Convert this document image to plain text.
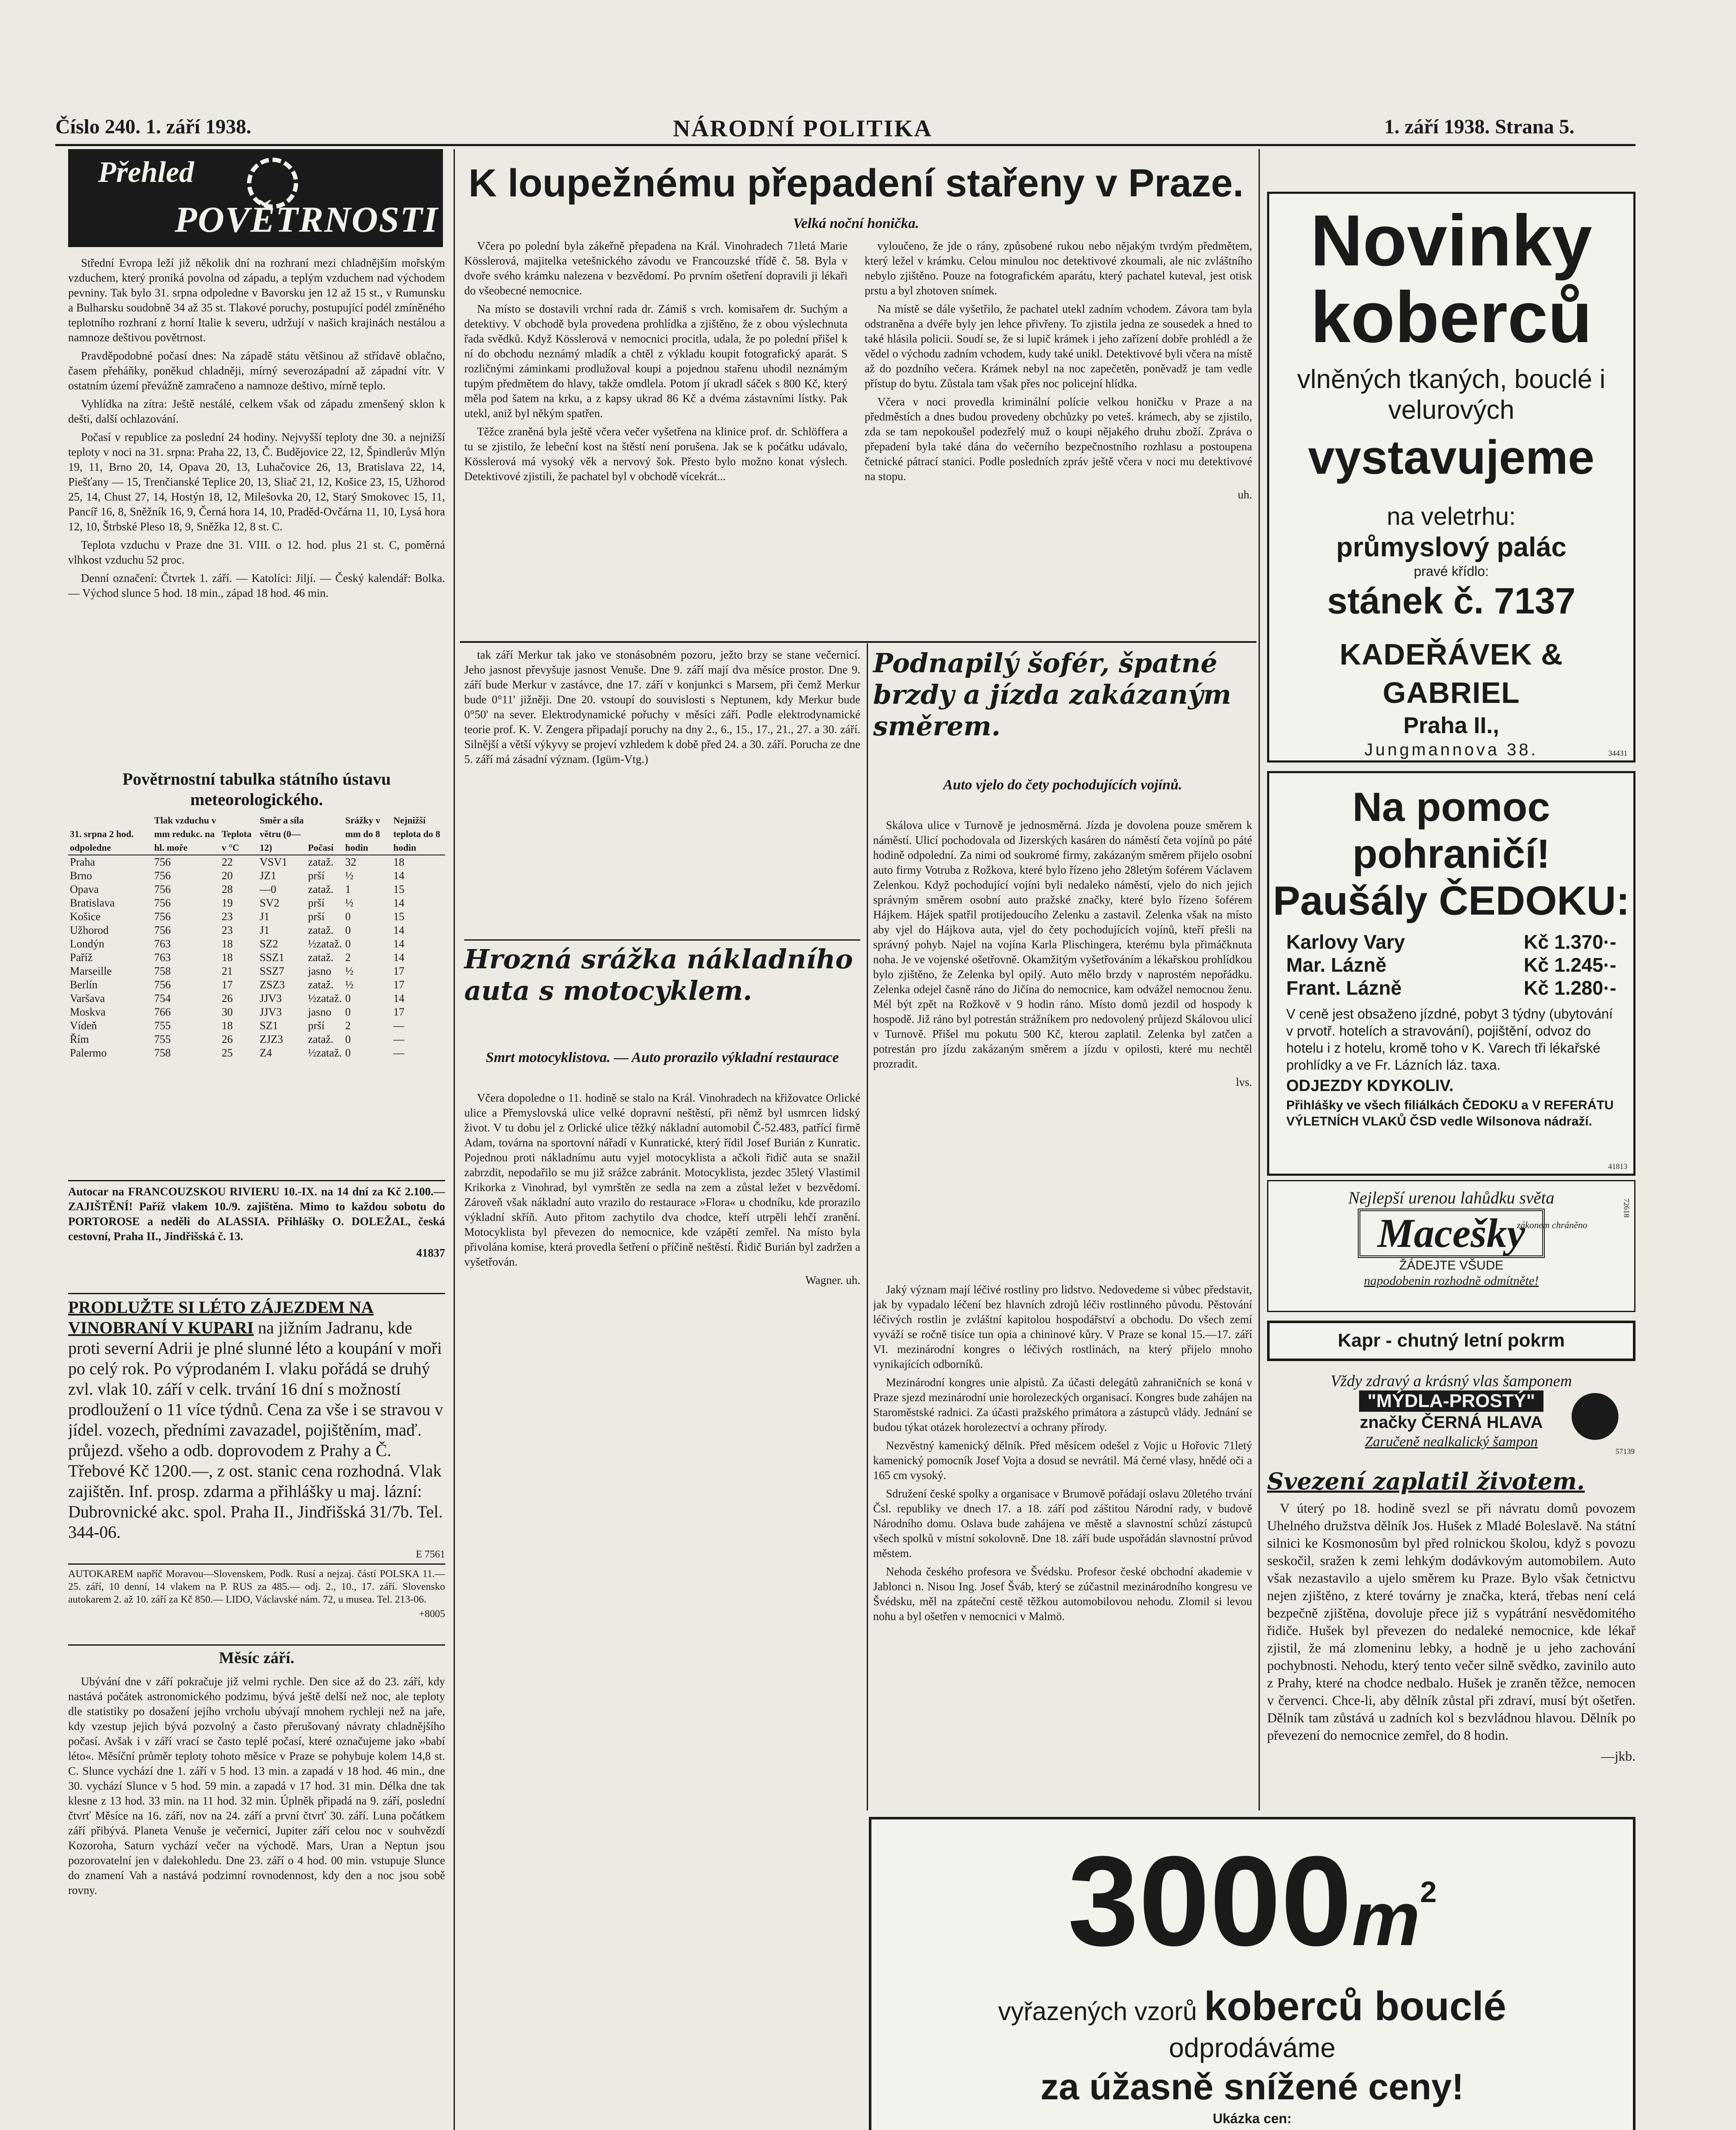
Číslo 240. 1. září 1938.	NÁRODNÍ POLITIKA	1. září 1938. Strana 5.
Přehled
POVĚTRNOSTI

Střední Evropa leží již několik dní na rozhraní mezi chladnějším mořským vzduchem, který proniká povolna od západu, a teplým vzduchem nad východem pevniny. Tak bylo 31. srpna odpoledne v Bavorsku jen 12 až 15 st., v Rumunsku a Bulharsku soudobně 34 až 35 st. Tlakové poruchy, postupující podél zmíněného teplotního rozhraní z horní Italie k severu, udržují v našich krajinách nestálou a namnoze deštivou povětrnost.

Pravděpodobné počasí dnes: Na západě státu většinou až střídavě oblačno, časem přeháňky, poněkud chladněji, mírný severozápadní až západní vítr. V ostatním území převážně zamračeno a namnoze deštivo, mírně teplo.

Vyhlídka na zítra: Ještě nestálé, celkem však od západu zmenšený sklon k dešti, další ochlazování.

Počasí v republice za poslední 24 hodiny. Nejvyšší teploty dne 30. a nejnižší teploty v noci na 31. srpna: Praha 22, 13, Č. Budějovice 22, 12, Špindlerův Mlýn 19, 11, Brno 20, 14, Opava 20, 13, Luhačovice 26, 13, Bratislava 22, 14, Piešťany — 15, Trenčianské Teplice 20, 13, Sliač 21, 12, Košice 23, 15, Užhorod 25, 14, Chust 27, 14, Hostýn 18, 12, Milešovka 20, 12, Starý Smokovec 15, 11, Pancíř 16, 8, Sněžník 16, 9, Černá hora 14, 10, Praděd-Ovčárna 11, 10, Lysá hora 12, 10, Štrbské Pleso 18, 9, Sněžka 12, 8 st. C.

Teplota vzduchu v Praze dne 31. VIII. o 12. hod. plus 21 st. C, poměrná vlhkost vzduchu 52 proc.

Denní označení: Čtvrtek 1. září. — Katolíci: Jiljí. — Český kalendář: Bolka. — Východ slunce 5 hod. 18 min., západ 18 hod. 46 min.

Povětrnostní tabulka státního ústavu meteorologického.
31. srpna 2 hod. odpoledne	Tlak vzduchu v mm redukc. na hl. moře	Teplota v °C	Směr a síla větru (0—12)	Počasí	Srážky v mm do 8 hodin	Nejnižší teplota do 8 hodin
Praha	756	22	VSV1	zataž.	32	18
Brno	756	20	JZ1	prší	½	14
Opava	756	28	—0	zataž.	1	15
Bratislava	756	19	SV2	prší	½	14
Košice	756	23	J1	prší	0	15
Užhorod	756	23	J1	zataž.	0	14
Londýn	763	18	SZ2	½zataž.	0	14
Paříž	763	18	SSZ1	zataž.	2	14
Marseille	758	21	SSZ7	jasno	½	17
Berlín	756	17	ZSZ3	zataž.	½	17
Varšava	754	26	JJV3	½zataž.	0	14
Moskva	766	30	JJV3	jasno	0	17
Vídeň	755	18	SZ1	prší	2	—
Řím	755	26	ZJZ3	zataž.	0	—
Palermo	758	25	Z4	½zataž.	0	—
Autocar na FRANCOUZSKOU RIVIERU 10.-IX. na 14 dní za Kč 2.100.— ZAJIŠTĚNÍ! Paříž vlakem 10./9. zajištěna. Mimo to každou sobotu do PORTOROSE a neděli do ALASSIA. Přihlášky O. DOLEŽAL, česká cestovní, Praha II., Jindřišská č. 13.
41837
PRODLUŽTE SI LÉTO ZÁJEZDEM NA VINOBRANÍ V KUPARI na jižním Jadranu, kde proti severní Adrii je plné slunné léto a koupání v moři po celý rok. Po výprodaném I. vlaku pořádá se druhý zvl. vlak 10. září v celk. trvání 16 dní s možností prodloužení o 11 více týdnů. Cena za vše i se stravou v jídel. vozech, předními zavazadel, pojištěním, maď. průjezd. všeho a odb. doprovodem z Prahy a Č. Třebové Kč 1200.—, z ost. stanic cena rozhodná. Vlak zajištěn. Inf. prosp. zdarma a přihlášky u maj. lázní: Dubrovnické akc. spol. Praha II., Jindřišská 31/7b. Tel. 344-06.
E 7561
AUTOKAREM napříč Moravou—Slovenskem, Podk. Rusí a nejzaj. částí POLSKA 11.—25. září, 10 denní, 14 vlakem na P. RUS za 485.— odj. 2., 10., 17. září. Slovensko autokarem 2. až 10. září za Kč 850.— LIDO, Václavské nám. 72, u musea. Tel. 213-06.
+8005
Měsíc září.

Ubývání dne v září pokračuje již velmi rychle. Den sice až do 23. září, kdy nastává počátek astronomického podzimu, bývá ještě delší než noc, ale teploty dle statistiky po dosažení jejího vrcholu ubývají mnohem rychleji než na jaře, kdy vzestup jejich bývá pozvolný a často přerušovaný návraty chladnějšího počasí. Avšak i v září vrací se často teplé počasí, které označujeme jako »babí léto«. Měsíční průměr teploty tohoto měsíce v Praze se pohybuje kolem 14,8 st. C. Slunce vychází dne 1. září v 5 hod. 13 min. a zapadá v 18 hod. 46 min., dne 30. vychází Slunce v 5 hod. 59 min. a zapadá v 17 hod. 31 min. Délka dne tak klesne z 13 hod. 33 min. na 11 hod. 32 min. Úplněk připadá na 9. září, poslední čtvrť Měsíce na 16. září, nov na 24. září a první čtvrť 30. září. Luna počátkem září přibývá. Planeta Venuše je večernicí, Jupiter září celou noc v souhvězdí Kozoroha, Saturn vychází večer na východě. Mars, Uran a Neptun jsou pozorovatelní jen v dalekohledu. Dne 23. září o 4 hod. 00 min. vstupuje Slunce do znamení Vah a nastává podzimní rovnodennost, kdy den a noc jsou sobě rovny.

K loupežnému přepadení stařeny v Praze.
Velká noční honička.

Včera po polední byla zákeřně přepadena na Král. Vinohradech 71letá Marie Kösslerová, majitelka vetešnického závodu ve Francouzské třídě č. 58. Byla v dvoře svého krámku nalezena v bezvědomí. Po prvním ošetření dopravili ji lékaři do všeobecné nemocnice.

Na místo se dostavili vrchní rada dr. Zámiš s vrch. komisařem dr. Suchým a detektivy. V obchodě byla provedena prohlídka a zjištěno, že z obou výslechnuta řada svědků. Když Kösslerová v nemocnici procitla, udala, že po polední přišel k ní do obchodu neznámý mladík a chtěl z výkladu koupit fotografický aparát. S rozličnými záminkami prodlužoval koupi a pojednou stařenu uhodil neznámým tupým předmětem do hlavy, takže omdlela. Potom jí ukradl sáček s 800 Kč, který měla pod šatem na krku, a z kapsy ukrad 86 Kč a dvéma zástavními lístky. Pak utekl, aniž byl někým spatřen.

Těžce zraněná byla ještě včera večer vyšetřena na klinice prof. dr. Schlöffera a tu se zjistilo, že lebeční kost na štěstí není porušena. Jak se k počátku udávalo, Kösslerová má vysoký věk a nervový šok. Přesto bylo možno konat výslech. Detektivové zjistili, že pachatel byl v obchodě vícekrát...

vyloučeno, že jde o rány, způsobené rukou nebo nějakým tvrdým předmětem, který ležel v krámku. Celou minulou noc detektivové zkoumali, ale nic zvláštního nebylo zjištěno. Pouze na fotografickém aparátu, který pachatel kuteval, jest otisk prstu a byl zhotoven snímek.

Na místě se dále vyšetřilo, že pachatel utekl zadním vchodem. Závora tam byla odstraněna a dvéře byly jen lehce přivřeny. To zjistila jedna ze sousedek a hned to také hlásila policii. Soudí se, že si lupič krámek i jeho zařízení dobře prohlédl a že vědel o východu zadním vchodem, kudy také unikl. Detektivové byli včera na místě až do pozdního večera. Krámek nebyl na noc zapečetěn, poněvadž je tam vedle přístup do bytu. Zůstala tam však přes noc policejní hlídka.

Včera v noci provedla kriminální polície velkou honičku v Praze a na předměstích a dnes budou provedeny obchůzky po veteš. krámech, aby se zjistilo, zda se tam nepokoušel podezřelý muž o koupi nějakého druhu zboží. Zpráva o přepadení byla také dána do večerního bezpečnostního rozhlasu a postoupena četnické pátrací stanici. Podle posledních zpráv ještě včera v noci mu detektivové na stopu.

uh.

tak září Merkur tak jako ve stonásobném pozoru, ježto brzy se stane večernicí. Jeho jasnost převyšuje jasnost Venuše. Dne 9. září mají dva měsíce prostor. Dne 9. září bude Merkur v zastávce, dne 17. září v konjunkci s Marsem, při čemž Merkur bude 0°11' jižněji. Dne 20. vstoupí do souvislosti s Neptunem, kdy Merkur bude 0°50' na sever. Elektrodynamické pořuchy v měsíci září. Podle elektrodynamické teorie prof. K. V. Zengera připadají poruchy na dny 2., 6., 15., 17., 21., 27. a 30. září. Silnější a větší výkyvy se projeví vzhledem k době před 24. a 30. září. Porucha ze dne 5. září má zásadní význam. (Igüm-Vtg.)

Hrozná srážka nákladního auta s motocyklem.
Smrt motocyklistova. — Auto prorazilo výkladní restaurace

Včera dopoledne o 11. hodině se stalo na Král. Vinohradech na křižovatce Orlické ulice a Přemyslovská ulice velké dopravní neštěstí, při němž byl usmrcen lidský život. V tu dobu jel z Orlické ulice těžký nákladní automobil Č-52.483, patřící firmě Adam, továrna na sportovní nářadí v Kunratické, který řídil Josef Burián z Kunratic. Pojednou proti nákladnímu autu vyjel motocyklista a ačkoli řidič auta se snažil zabrzdit, nepodařilo se mu již srážce zabránit. Motocyklista, jezdec 35letý Vlastimil Krikorka z Vinohrad, byl vymrštěn ze sedla na zem a zůstal ležet v bezvědomí. Zároveň však nákladní auto vrazilo do restaurace »Flora« u chodníku, kde prorazilo výkladní skříň. Auto přitom zachytilo dva chodce, kteří utrpěli lehčí zranění. Motocyklista byl převezen do nemocnice, kde vzápětí zemřel. Na místo byla přivolána komise, která provedla šetření o příčině neštěstí. Řidič Burián byl zadržen a vyšetřován.

Wagner. uh.
Podnapilý šofér, špatné brzdy a jízda zakázaným směrem.
Auto vjelo do čety pochodujících vojínů.

Skálova ulice v Turnově je jednosměrná. Jízda je dovolena pouze směrem k náměstí. Ulicí pochodovala od Jizerských kasáren do náměstí četa vojínů po páté hodině odpolední. Za nimi od soukromé firmy, zakázaným směrem přijelo osobní auto firmy Votruba z Rožkova, které bylo řízeno jeho 28letým šoférem Václavem Zelenkou. Když pochodující vojíni byli nedaleko náměstí, vjelo do nich jejich správným směrem osobní auto pražské značky, které bylo řízeno šoférem Hájkem. Hájek spatřil protijedoucího Zelenku a zastavil. Zelenka však na místo aby vjel do Hájkova auta, vjel do čety pochodujících vojínů, kteří přešli na správný pohyb. Najel na vojína Karla Plischingera, kterému byla přimáčknuta noha. Je ve vojenské ošetřovně. Okamžitým vyšetřováním a lékařskou prohlídkou bylo zjištěno, že Zelenka byl opilý. Auto mělo brzdy v naprostém nepořádku. Zelenka odejel časně ráno do Jičína do nemocnice, kam odvážel nemocnou ženu. Mél být zpět na Rožkově v 9 hodin ráno. Místo domů jezdil od hospody k hospodě. Již ráno byl potrestán strážníkem pro nedovolený průjezd Skálovou ulicí v Turnově. Přišel mu pokutu 500 Kč, kterou zaplatil. Zelenka byl zatčen a potrestán pro jízdu zakázaným směrem a jízdu v opilosti, které mu nechtěl prozradit.

lvs.

Jaký význam mají léčivé rostliny pro lidstvo. Nedovedeme si vůbec představit, jak by vypadalo léčení bez hlavních zdrojů léčiv rostlinného původu. Pěstování léčivých rostlin je zvláštní kapitolou hospodářství a obchodu. Do všech zemí vyváží se ročně tisíce tun opia a chininové kůry. V Praze se konal 15.—17. září VI. mezinárodní kongres o léčivých rostlinách, na který přijelo mnoho vynikajících odborníků.

Mezinárodní kongres unie alpistů. Za účasti delegátů zahraničních se koná v Praze sjezd mezinárodní unie horolezeckých organisací. Kongres bude zahájen na Staroměstské radnici. Za účasti pražského primátora a zástupců vlády. Jednání se budou týkat otázek horolezectví a ochrany přírody.

Nezvěstný kamenický dělník. Před měsícem odešel z Vojic u Hořovic 71letý kamenický pomocník Josef Vojta a dosud se nevrátil. Má černé vlasy, hnědé oči a 165 cm vysoký.

Sdružení české spolky a organisace v Brumově pořádají oslavu 20letého trvání Čsl. republiky ve dnech 17. a 18. září pod záštitou Národní rady, v budově Národního domu. Oslava bude zahájena ve městě a slavnostní schůzí zástupců všech spolků v místní sokolovně. Dne 18. září bude uspořádán slavnostní průvod městem.

Nehoda českého profesora ve Švédsku. Profesor české obchodní akademie v Jablonci n. Nisou Ing. Josef Šváb, který se zúčastnil mezinárodního kongresu ve Švédsku, měl na zpáteční cestě těžkou automobilovou nehodu. Zlomil si levou nohu a byl ošetřen v nemocnici v Malmö.

Novinky
koberců
vlněných tkaných, bouclé i velurových
vystavujeme
na veletrhu:
průmyslový palác
pravé křídlo:
stánek č. 7137
KADEŘÁVEK & GABRIEL
Praha II.,
Jungmannova 38.	34431
Na pomoc pohraničí!
Paušály ČEDOKU:
Karlovy Vary	Kč 1.370·-
Mar. Lázně	Kč 1.245·-
Frant. Lázně	Kč 1.280·-
V ceně jest obsaženo jízdné, pobyt 3 týdny (ubytování v prvotř. hotelích a stravování), pojištění, odvoz do hotelu i z hotelu, kromě toho v K. Varech tři lékařské prohlídky a ve Fr. Lázních láz. taxa.
ODJEZDY KDYKOLIV.
Přihlášky ve všech filiálkách ČEDOKU a V REFERÁTU VÝLETNÍCH VLAKŮ ČSD vedle Wilsonova nádraží.
41813
Nejlepší urenou lahůdku světa
Macešky
zákonem chráněno
ŽÁDEJTE VŠUDE
napodobenin rozhodně odmítněte!
72618
Kapr - chutný letní pokrm
Vždy zdravý a krásný vlas šamponem
"MÝDLA-PROSTÝ"
značky ČERNÁ HLAVA
Zaručeně nealkalický šampon
57139
Svezení zaplatil životem.

V úterý po 18. hodině svezl se při návratu domů povozem Uhelného družstva dělník Jos. Hušek z Mladé Boleslavě. Na státní silnici ke Kosmonosům byl před rolnickou školou, když s povozu seskočil, sražen k zemi lehkým dodávkovým automobilem. Auto však nezastavilo a ujelo směrem ku Praze. Bylo však četnictvu nejen zjištěno, z které továrny je značka, která, třebas není celá bezpečně zjištěna, dovoluje přece již s vypátrání nesvědomitého řidiče. Hušek byl převezen do nedaleké nemocnice, kde lékař zjistil, že má zlomeninu lebky, a hodně je u jeho zachování pochybnosti. Nehodu, který tento večer silně svědko, zavinilo auto z Prahy, které na chodce nedbalo. Hušek je zraněn těžce, nemocen v červenci. Chce-li, aby dělník zůstal při zdraví, musí být ošetřen. Dělník tam zůstává u zadních kol s bezvládnou hlavou. Dělník po převezení do nemocnice zemřel, do 8 hodin.

—jkb.
$3000m^2$
vyřazených vzorů koberců bouclé
odprodáváme
za úžasně snížené ceny!
Ukázka cen:
